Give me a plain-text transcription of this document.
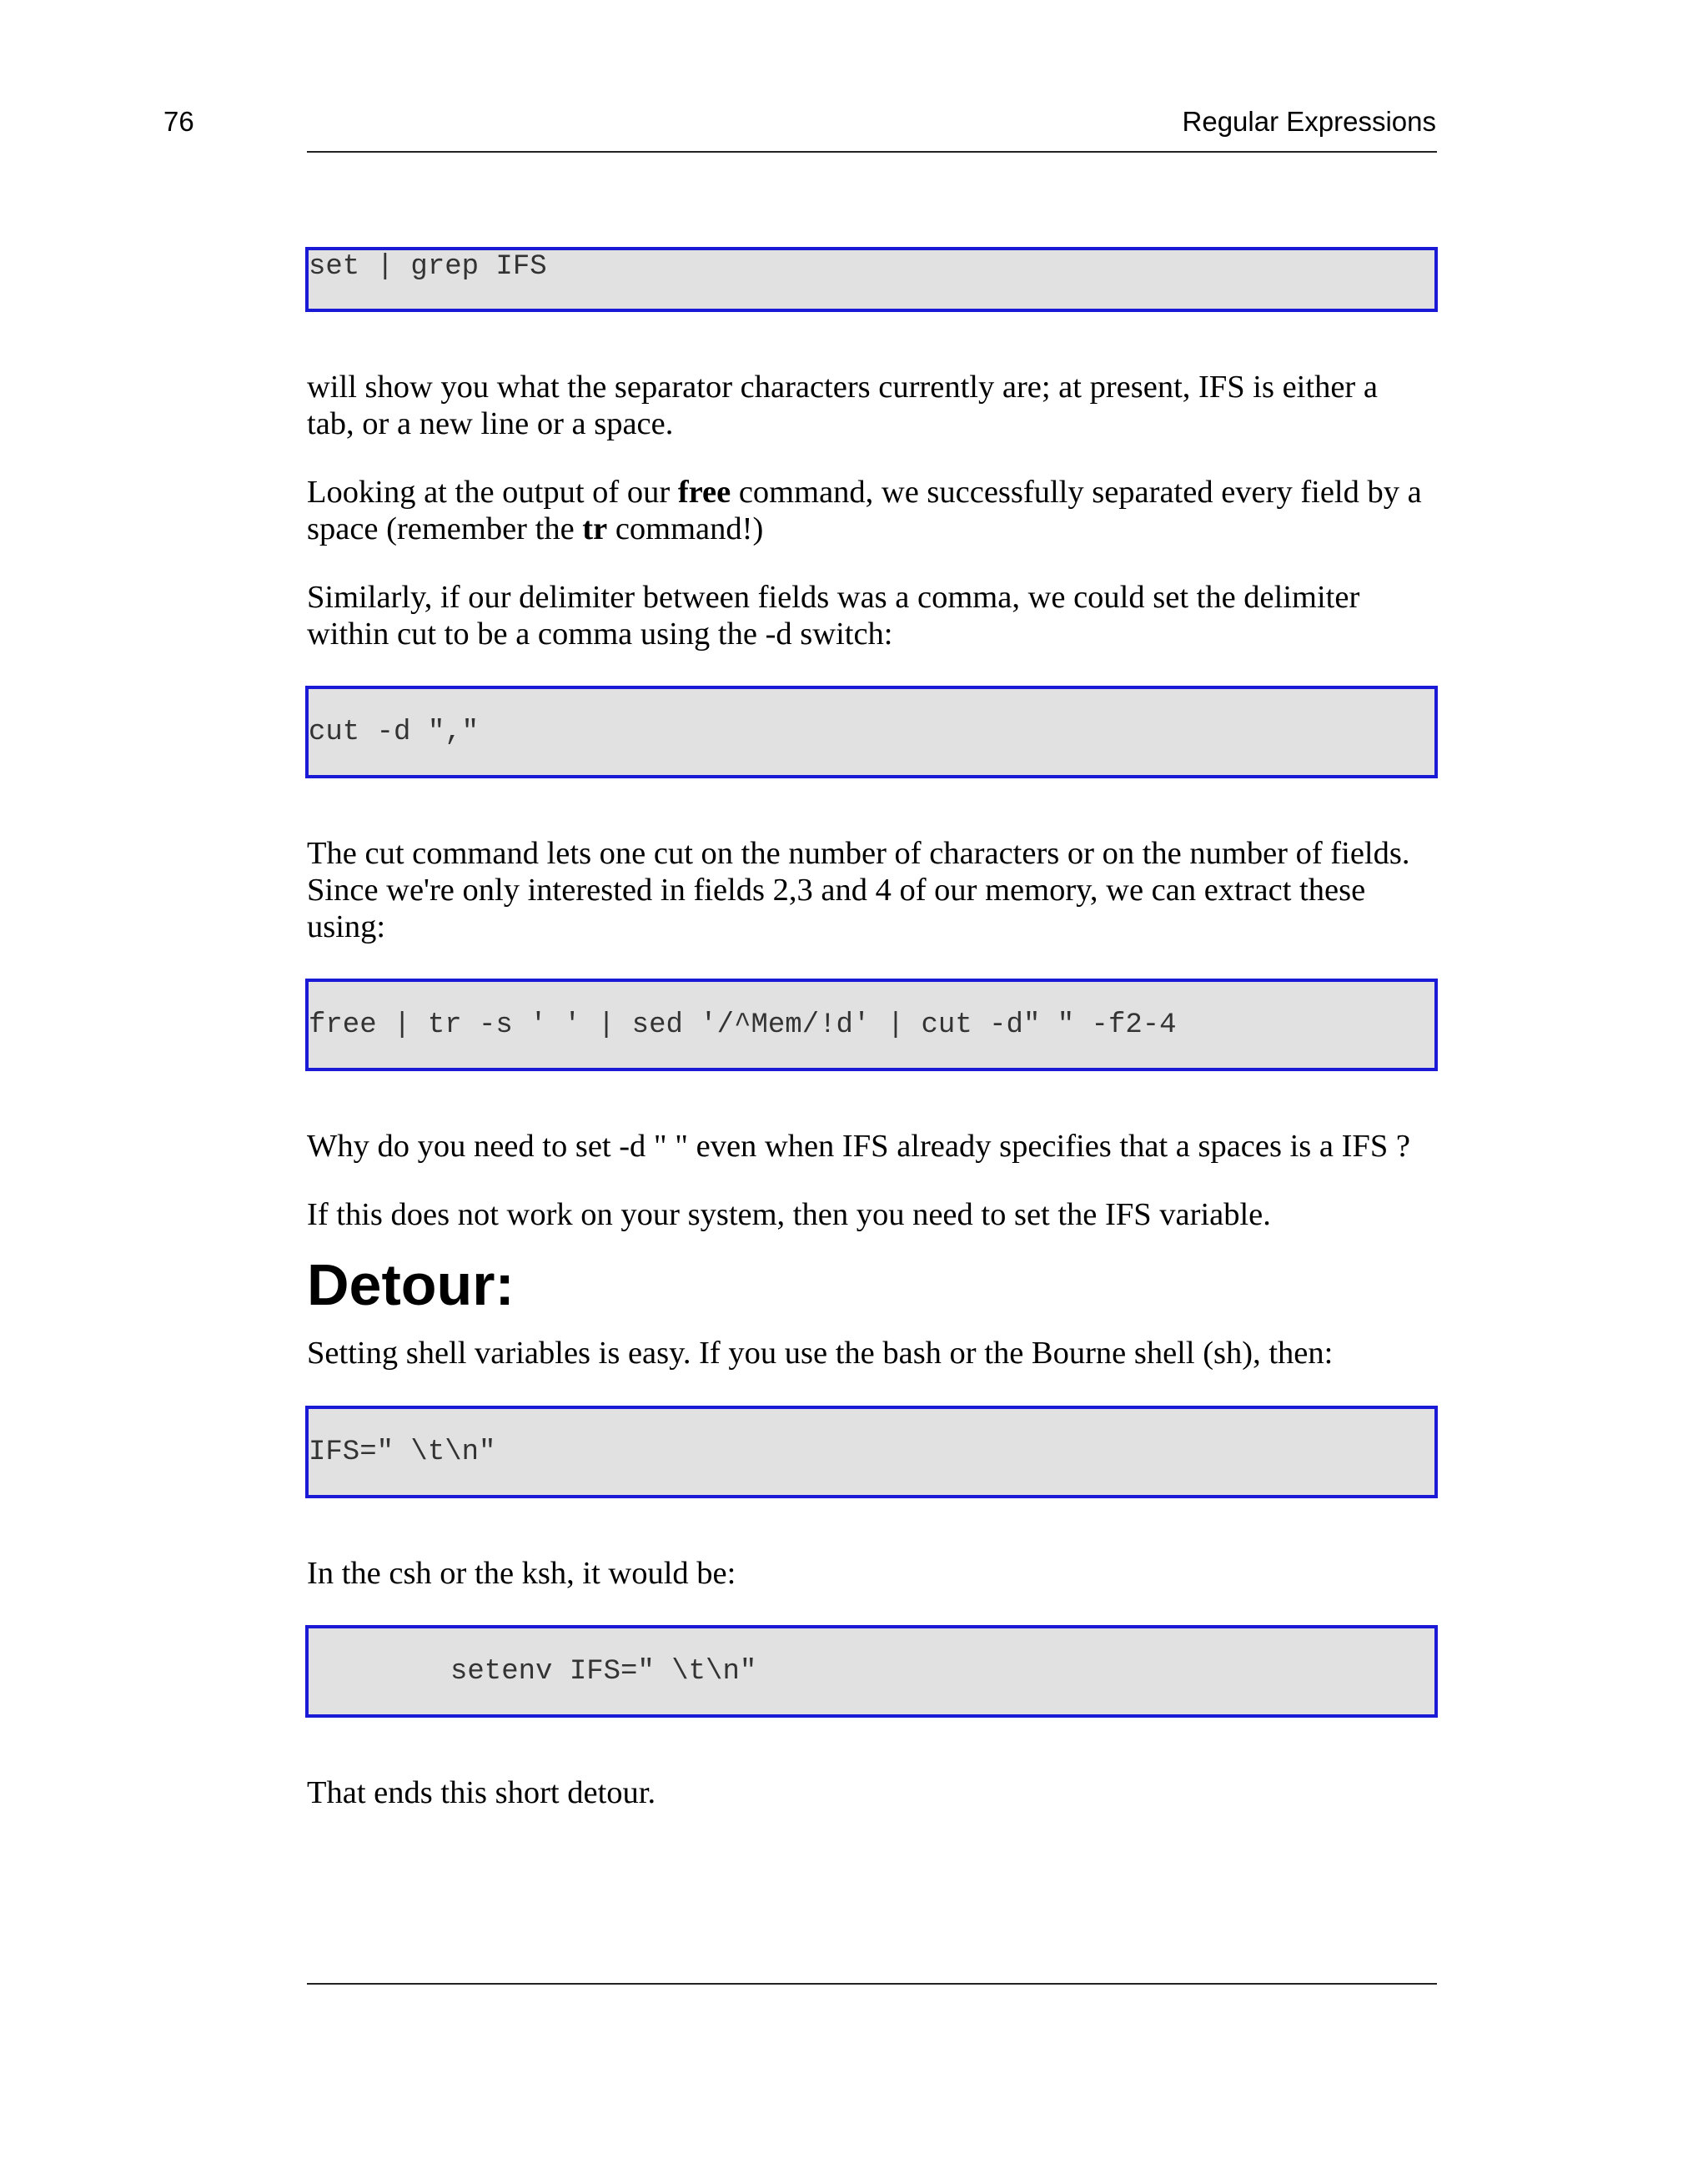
76	Regular Expressions
set | grep IFS

will show you what the separator characters currently are; at present, IFS is either a tab, or a new line or a space.

Looking at the output of our free command, we successfully separated every field by a space (remember the tr command!)

Similarly, if our delimiter between fields was a comma, we could set the delimiter within cut to be a comma using the -d switch:

cut -d ","

The cut command lets one cut on the number of characters or on the number of fields. Since we're only interested in fields 2,3 and 4 of our memory, we can extract these using:

free | tr -s ' ' | sed '/^Mem/!d' | cut -d" " -f2-4

Why do you need to set -d " " even when IFS already specifies that a spaces is a IFS ?

If this does not work on your system, then you need to set the IFS variable.

Detour:

Setting shell variables is easy. If you use the bash or the Bourne shell (sh), then:

IFS=" \t\n"

In the csh or the ksh, it would be:

setenv IFS=" \t\n"

That ends this short detour.
